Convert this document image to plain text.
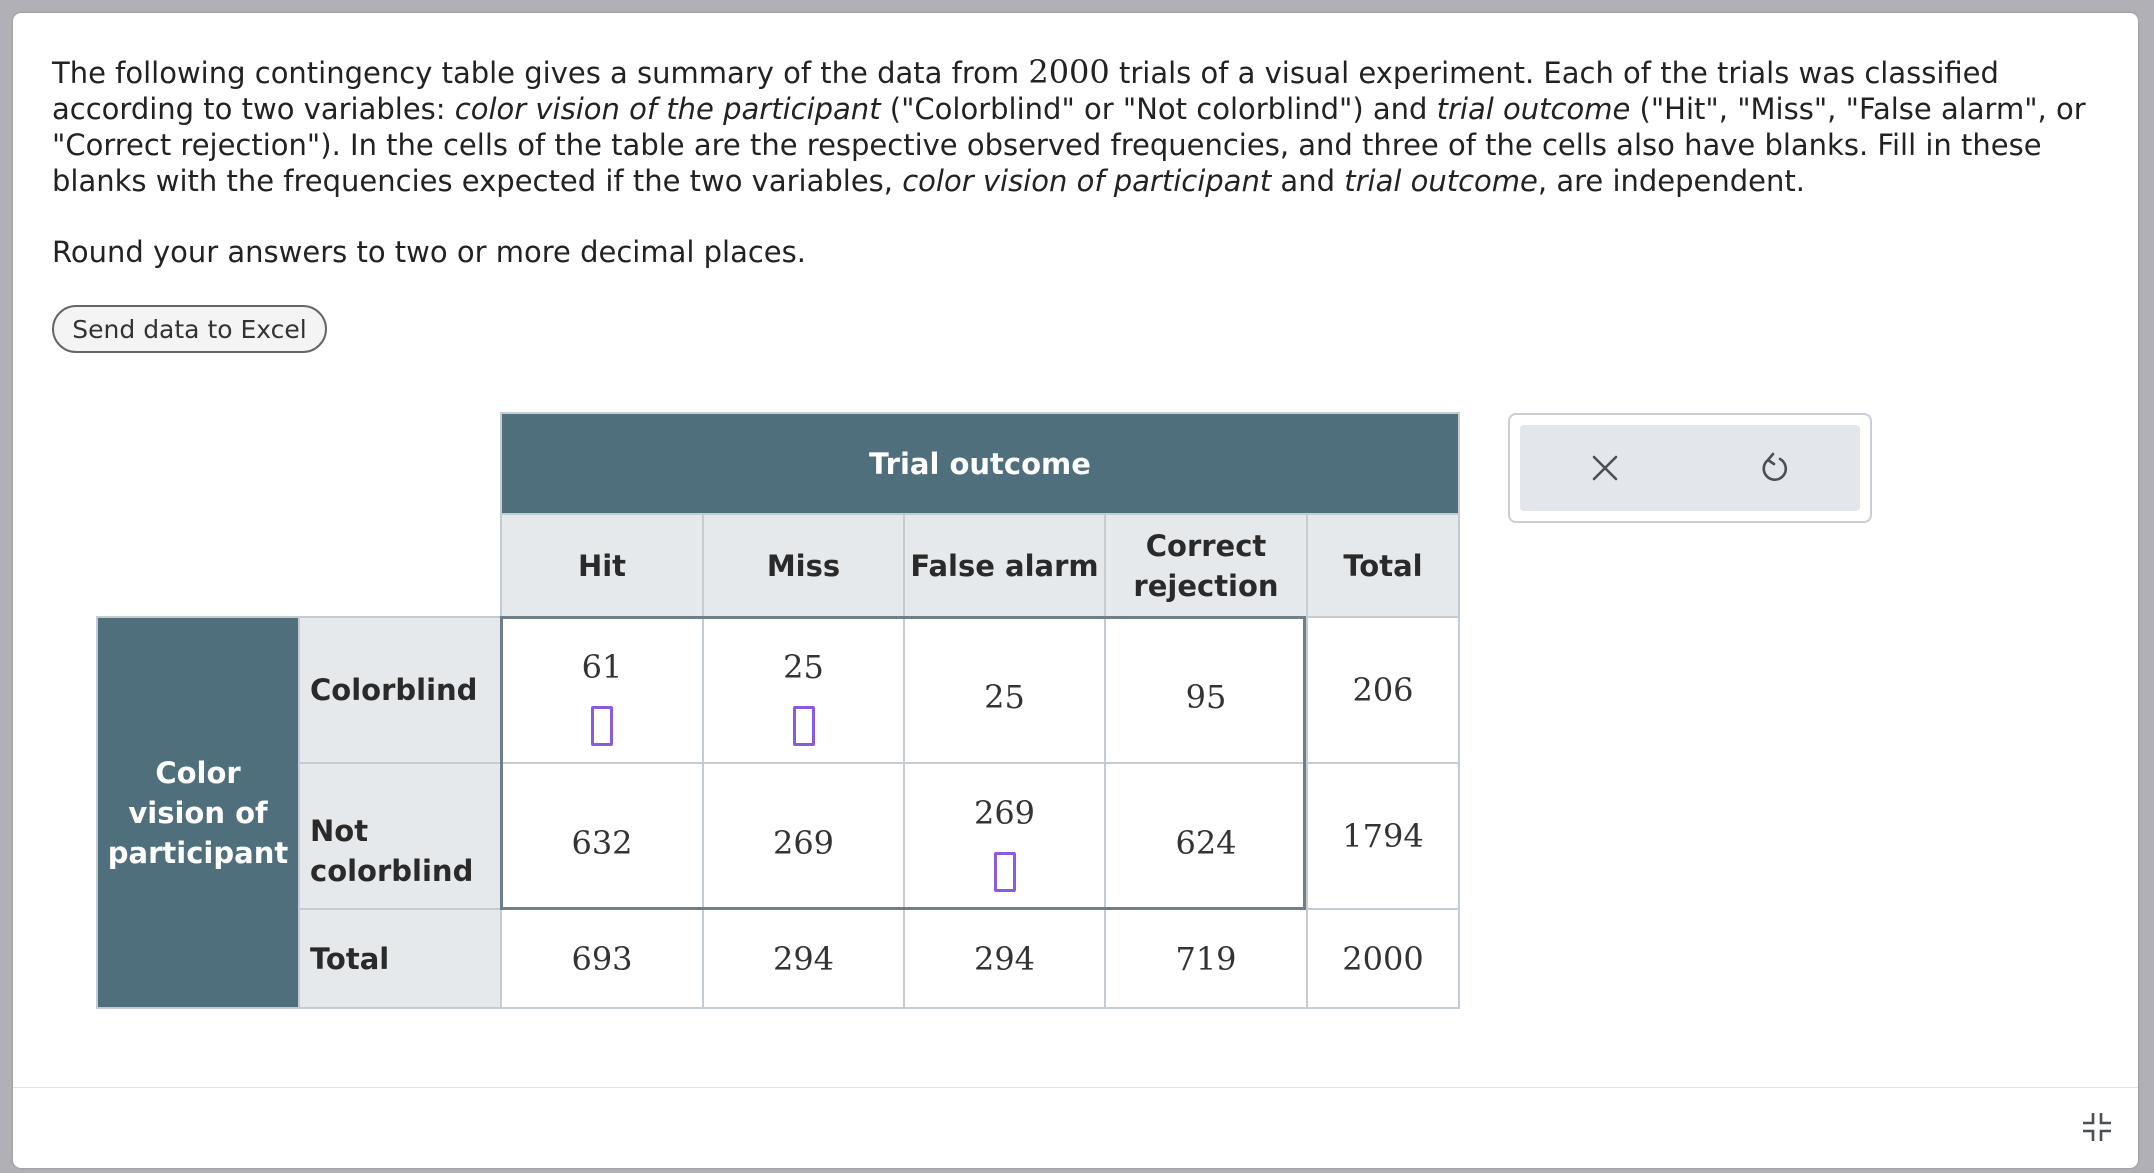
The following contingency table gives a summary of the data from 2000 trials of a visual experiment. Each of the trials was classified according to two variables: color vision of the participant ("Colorblind" or "Not colorblind") and trial outcome ("Hit", "Miss", "False alarm", or "Correct rejection"). In the cells of the table are the respective observed frequencies, and three of the cells also have blanks. Fill in these blanks with the frequencies expected if the two variables, color vision of participant and trial outcome, are independent.

Round your answers to two or more decimal places.
Send data to Excel
		Trial outcome				
		Hit	Miss	False alarm	Correct rejection	Total
Color vision of participant	Colorblind	61	25	25	95	206
	Not colorblind	632	269	269	624	1794
	Total	693	294	294	719	2000
